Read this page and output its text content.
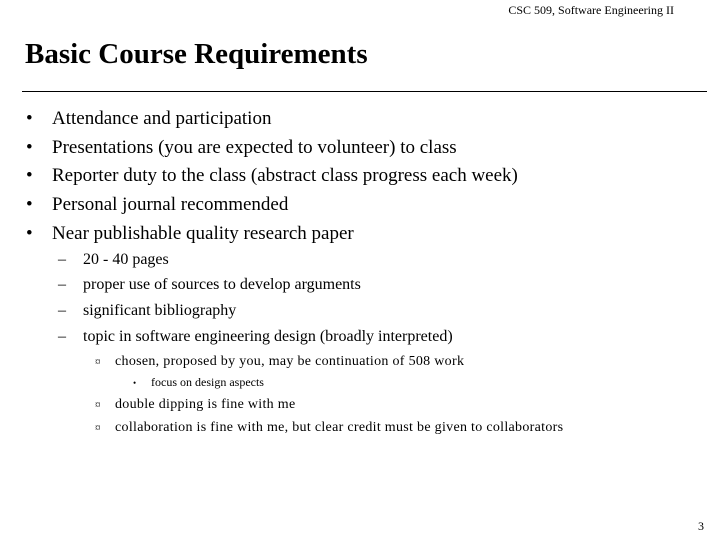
CSC 509, Software Engineering II
Basic Course Requirements
• Attendance and participation
• Presentations (you are expected to volunteer) to class
• Reporter duty to the class (abstract class progress each week)
• Personal journal recommended
• Near publishable quality research paper
– 20 - 40 pages
– proper use of sources to develop arguments
– significant bibliography
– topic in software engineering design (broadly interpreted)
¤ chosen, proposed by you, may be continuation of 508 work
• focus on design aspects
¤ double dipping is fine with me
¤ collaboration is fine with me, but clear credit must be given to collaborators
3
